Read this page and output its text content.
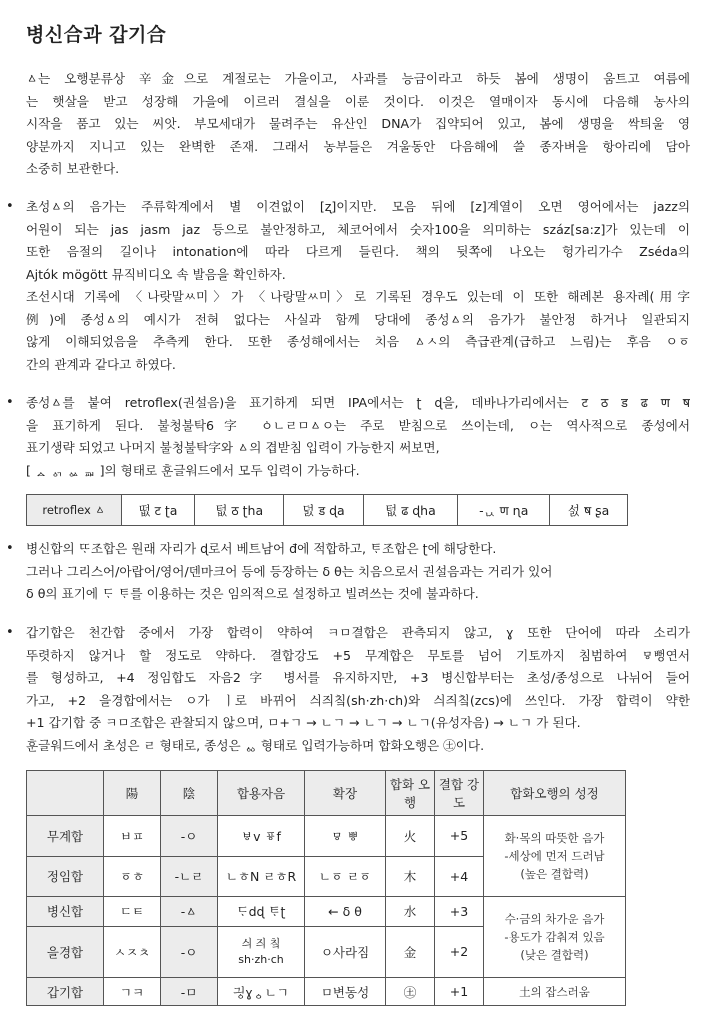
병신合과 갑기合
ㅿ는 오행분류상 辛金으로 계절로는 가을이고, 사과를 능금이라고 하듯 봄에 생명이 움트고 여름에
는 햇살을 받고 성장해 가을에 이르러 결실을 이룬 것이다. 이것은 열매이자 동시에 다음해 농사의
시작을 품고 있는 씨앗. 부모세대가 물려주는 유산인 DNA가 집약되어 있고, 봄에 생명을 싹틔울 영
양분까지 지니고 있는 완벽한 존재. 그래서 농부들은 겨울동안 다음해에 쓸 종자벼을 항아리에 담아
소중히 보관한다.
• 초성ㅿ의 음가는 주류학계에서 별 이견없이 [ʐ]이지만. 모음 뒤에 [z]계열이 오면 영어에서는 jazz의
어원이 되는 jas jasm jaz 등으로 불안정하고, 체코어에서 숫자100을 의미하는 száz[sa:z]가 있는데 이
또한 음절의 길이나 intonation에 따라 다르게 들린다. 책의 뒷쪽에 나오는 헝가리가수 Zséda의
Ajtók mögött 뮤직비디오 속 발음을 확인하자.
조선시대 기록에 〈나랏말ㅆ미〉가 〈나랑말ㅆ미〉로 기록된 경우도 있는데 이 또한 해례본 용자례(用字
例)에 종성ㅿ의 예시가 전혀 없다는 사실과 함께 당대에 종성ㅿ의 음가가 불안정 하거나 일관되지
않게 이해되었음을 추측케 한다. 또한 종성해에서는 치음 ㅿㅅ의 측급관계(급하고 느림)는 후음 ㅇㆆ
간의 관계과 같다고 하였다.
• 종성ㅿ를 붙여 retroflex(권설음)을 표기하게 되면 IPA에서는 ʈ ɖ을, 데바나가리에서는 ट ठ ड ढ ण ष
을 표기하게 된다. 불청불탁6字 ㆁㄴㄹㅁㅿㅇ는 주로 받침으로 쓰이는데, ㅇ는 역사적으로 종성에서
표기생략 되었고 나머지 불청불탁字와 ㅿ의 겹받침 입력이 가능한지 써보면,
[ ᇫ ᇬ ᇲ ᇳ ]의 형태로 훈글워드에서 모두 입력이 가능하다.
retroflex ㅿ	떲 ट ʈa	텂 ठ ʈha	덠 ड ɖa	텂 ढ ɖha	-ᇇ ण ɳa	섨 ष ʂa
• 병신합의 ᄄᆞ조합은 원래 자리가 ɖ로서 베트남어 đ에 적합하고, ᄐᆞ조합은 ʈ에 해당한다.
그러나 그리스어/아랍어/영어/덴마크어 등에 등장하는 δ θ는 치음으로서 권설음과는 거리가 있어
δ θ의 표기에 ᄃᆞ ᄐᆞ를 이용하는 것은 임의적으로 설정하고 빌려쓰는 것에 불과하다.
• 갑기합은 천간합 중에서 가장 합력이 약하여 ㅋㅁ결합은 관측되지 않고, ɣ 또한 단어에 따라 소리가
뚜렷하지 않거나 할 정도로 약하다. 결합강도 +5 무계합은 무토를 넘어 기토까지 침범하여 ㅱ뻥연서
를 형성하고, +4 정임합도 자음2字 병서를 유지하지만, +3 병신합부터는 초성/종성으로 나뉘어 들어
가고, +2 을경합에서는 ㅇ가 ㅣ로 바뀌어 싀즤칰(sh·zh·ch)와 싀즤칰(zcs)에 쓰인다. 가장 합력이 약한
+1 갑기합 중 ㅋㅁ조합은 관찰되지 않으며, ㅁ+ㄱ → ㄴㄱ → ㄴㄱ → ㄴㄱ(유성자음) → ㄴㄱ 가 된다.
훈글워드에서 초성은 ㄹ 형태로, 종성은 ᇮ 형태로 입력가능하며 합화오행은 ㊏이다.
	陽	陰	합용자음	확장	합화 오행	결합 강도	합화오행의 성정
무계합	ㅂㅍ	-ㅇ	ㅸv ㆄf	ㅱ ㅹ	火	+5	화·목의 따뜻한 음가
-세상에 먼저 드러남
(높은 결합력)

정임합	ㆆㅎ	-ㄴㄹ	ㄴㅎN ㄹㅎR	ㄴㆆ ㄹㆆ	木	+4	
병신합	ㄷㅌ	-ㅿ	ᄃᆞdɖ ᄐᆞʈ	← δ θ	水	+3	수·금의 차가운 음가
-용도가 감춰져 있음
(낮은 결합력)

을경합	ㅅㅈㅊ	-ㅇ	싀 즤 칰
sh·zh·ch	ㅇ사라짐	金	+2	
갑기합	ㄱㅋ	-ㅁ	긔ᇰɣᇰㄴㄱ	ㅁ변동성	㊏	+1	土의 잡스러움
